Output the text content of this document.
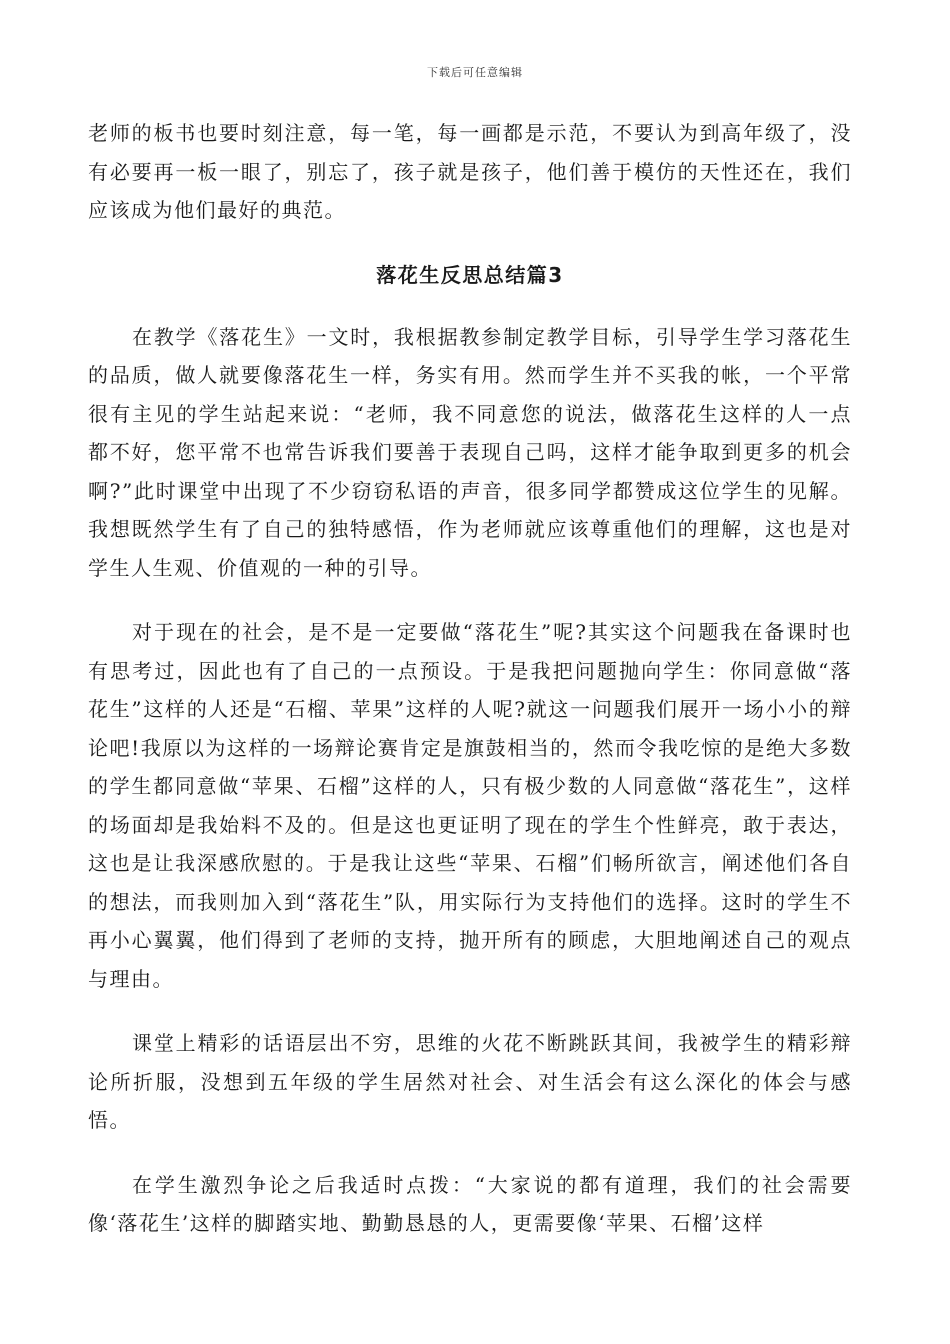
下载后可任意编辑

老师的板书也要时刻注意，每一笔，每一画都是示范，不要认为到高年级了，没有必要再一板一眼了，别忘了，孩子就是孩子，他们善于模仿的天性还在，我们应该成为他们最好的典范。

落花生反思总结篇3

在教学《落花生》一文时，我根据教参制定教学目标，引导学生学习落花生的品质，做人就要像落花生一样，务实有用。然而学生并不买我的帐，一个平常很有主见的学生站起来说：“老师，我不同意您的说法，做落花生这样的人一点都不好，您平常不也常告诉我们要善于表现自己吗，这样才能争取到更多的机会啊?”此时课堂中出现了不少窃窃私语的声音，很多同学都赞成这位学生的见解。我想既然学生有了自己的独特感悟，作为老师就应该尊重他们的理解，这也是对学生人生观、价值观的一种的引导。

对于现在的社会，是不是一定要做“落花生”呢?其实这个问题我在备课时也有思考过，因此也有了自己的一点预设。于是我把问题抛向学生：你同意做“落花生”这样的人还是“石榴、苹果”这样的人呢?就这一问题我们展开一场小小的辩论吧!我原以为这样的一场辩论赛肯定是旗鼓相当的，然而令我吃惊的是绝大多数的学生都同意做“苹果、石榴”这样的人，只有极少数的人同意做“落花生”，这样的场面却是我始料不及的。但是这也更证明了现在的学生个性鲜亮，敢于表达，这也是让我深感欣慰的。于是我让这些“苹果、石榴”们畅所欲言，阐述他们各自的想法，而我则加入到“落花生”队，用实际行为支持他们的选择。这时的学生不再小心翼翼，他们得到了老师的支持，抛开所有的顾虑，大胆地阐述自己的观点与理由。

课堂上精彩的话语层出不穷，思维的火花不断跳跃其间，我被学生的精彩辩论所折服，没想到五年级的学生居然对社会、对生活会有这么深化的体会与感悟。

在学生激烈争论之后我适时点拨：“大家说的都有道理，我们的社会需要像‘落花生’这样的脚踏实地、勤勤恳恳的人，更需要像‘苹果、石榴’这样
